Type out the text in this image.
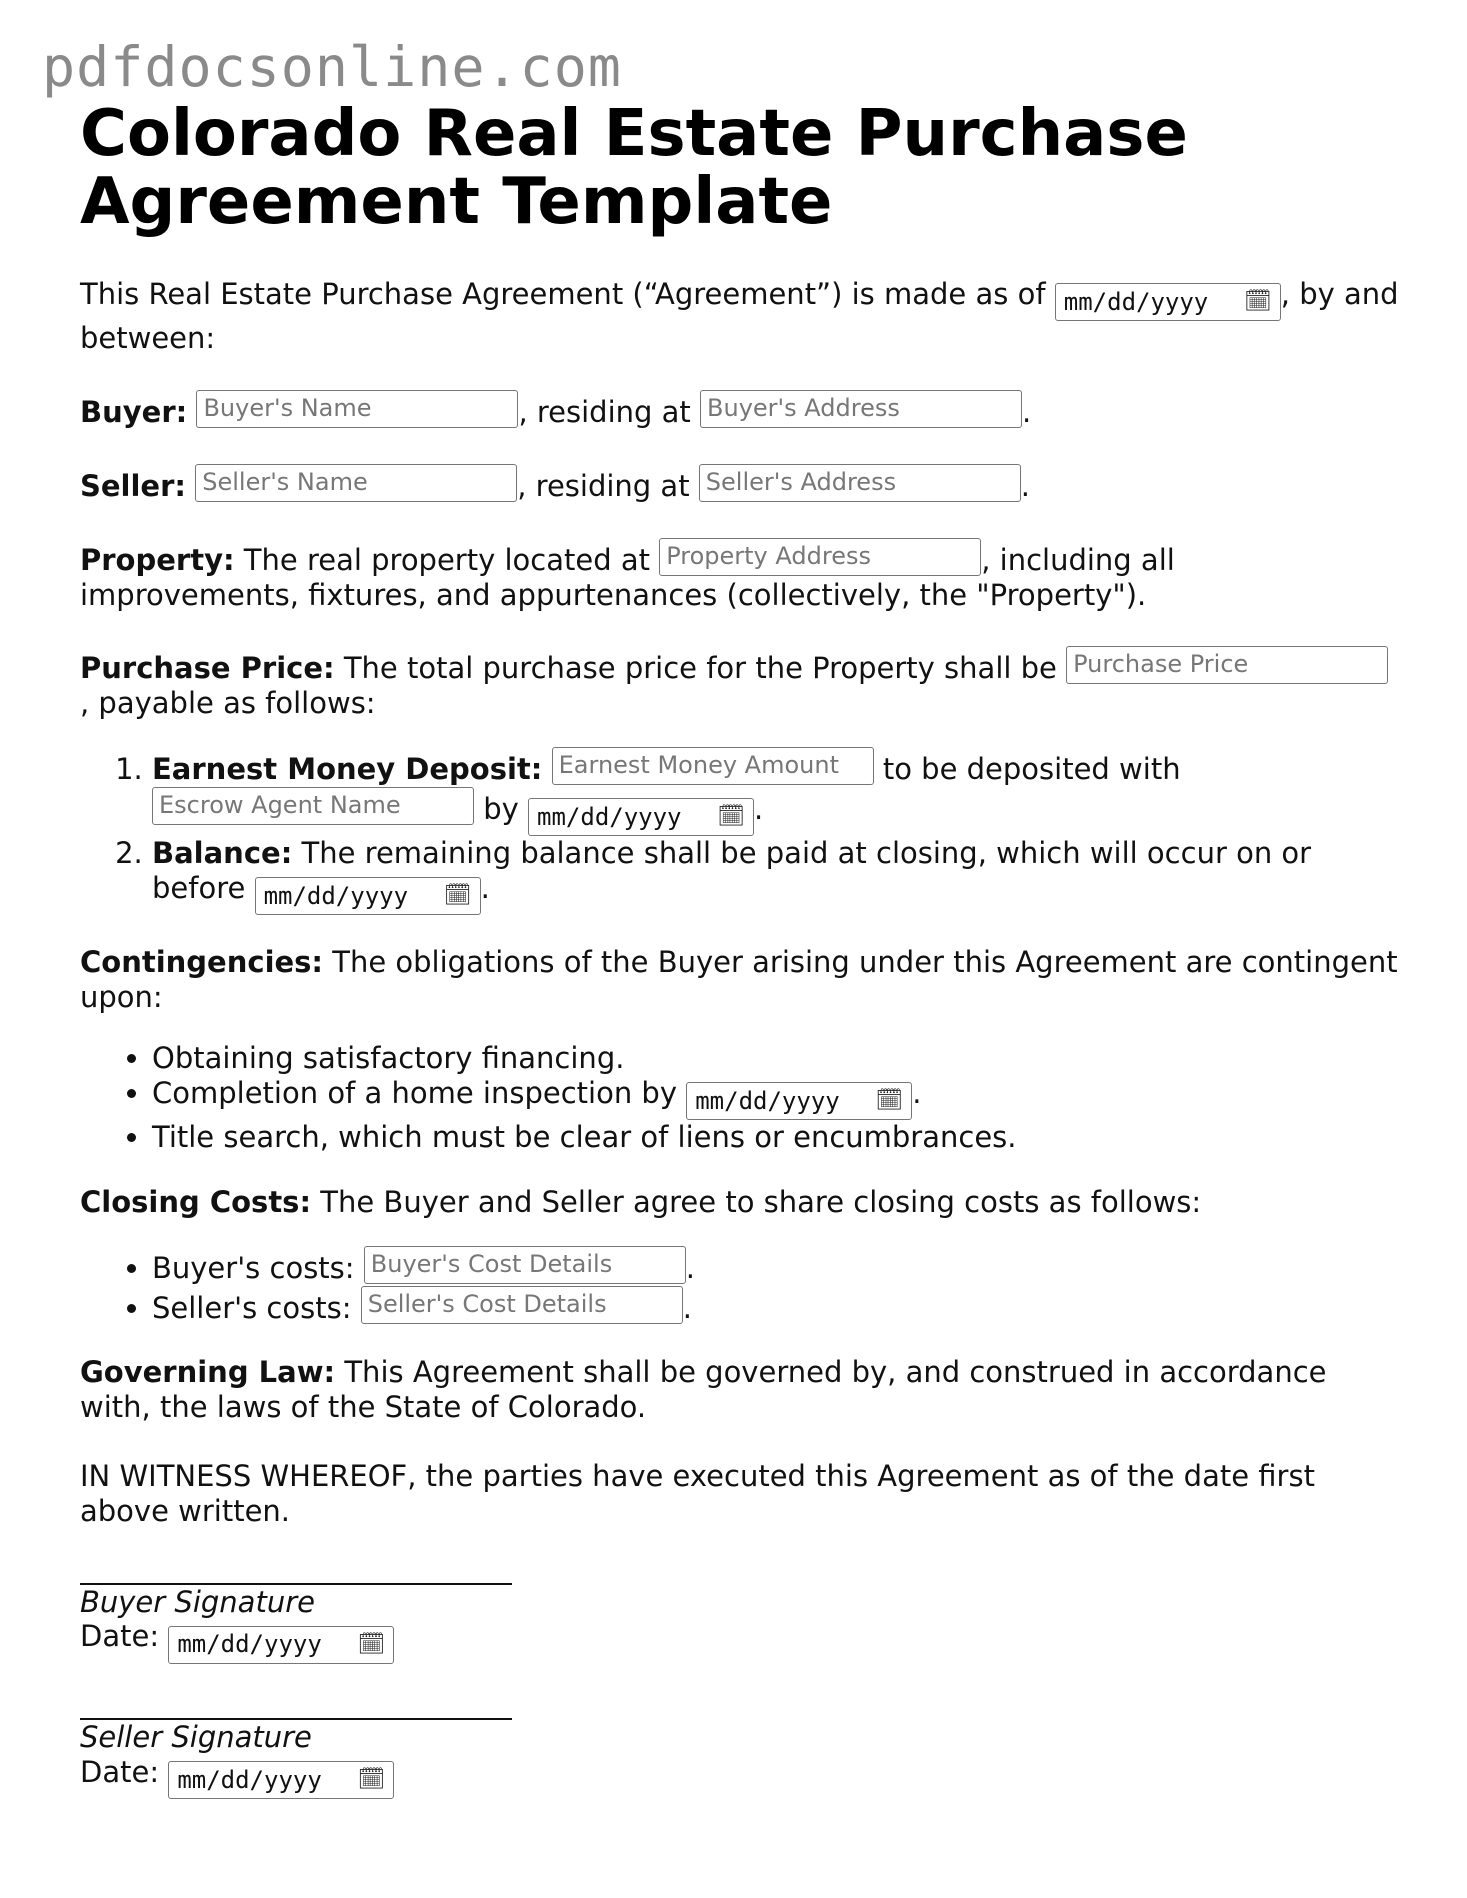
pdfdocsonline.com
Colorado Real Estate Purchase Agreement Template

This Real Estate Purchase Agreement (“Agreement”) is made as of mm/dd/yyyy 🗓 , by and between:

Buyer: Buyer's Name	, residing at Buyer's Address	.

Seller: Seller's Name	, residing at Seller's Address	.

Property: The real property located at Property Address	, including all improvements, fixtures, and appurtenances (collectively, the "Property").

Purchase Price: The total purchase price for the Property shall be Purchase Price , payable as follows:

1. Earnest Money Deposit: Earnest Money Amount to be deposited with Escrow Agent Name	by mm/dd/yyyy 🗓 .
2. Balance: The remaining balance shall be paid at closing, which will occur on or before mm/dd/yyyy 🗓 .

Contingencies: The obligations of the Buyer arising under this Agreement are contingent upon:

• Obtaining satisfactory financing.
• Completion of a home inspection by mm/dd/yyyy 🗓 .
• Title search, which must be clear of liens or encumbrances.

Closing Costs: The Buyer and Seller agree to share closing costs as follows:

• Buyer's costs: Buyer's Cost Details	.
• Seller's costs: Seller's Cost Details	.

Governing Law: This Agreement shall be governed by, and construed in accordance with, the laws of the State of Colorado.

IN WITNESS WHEREOF, the parties have executed this Agreement as of the date first above written.

Buyer Signature

Date: mm/dd/yyyy 🗓

Seller Signature

Date: mm/dd/yyyy 🗓
